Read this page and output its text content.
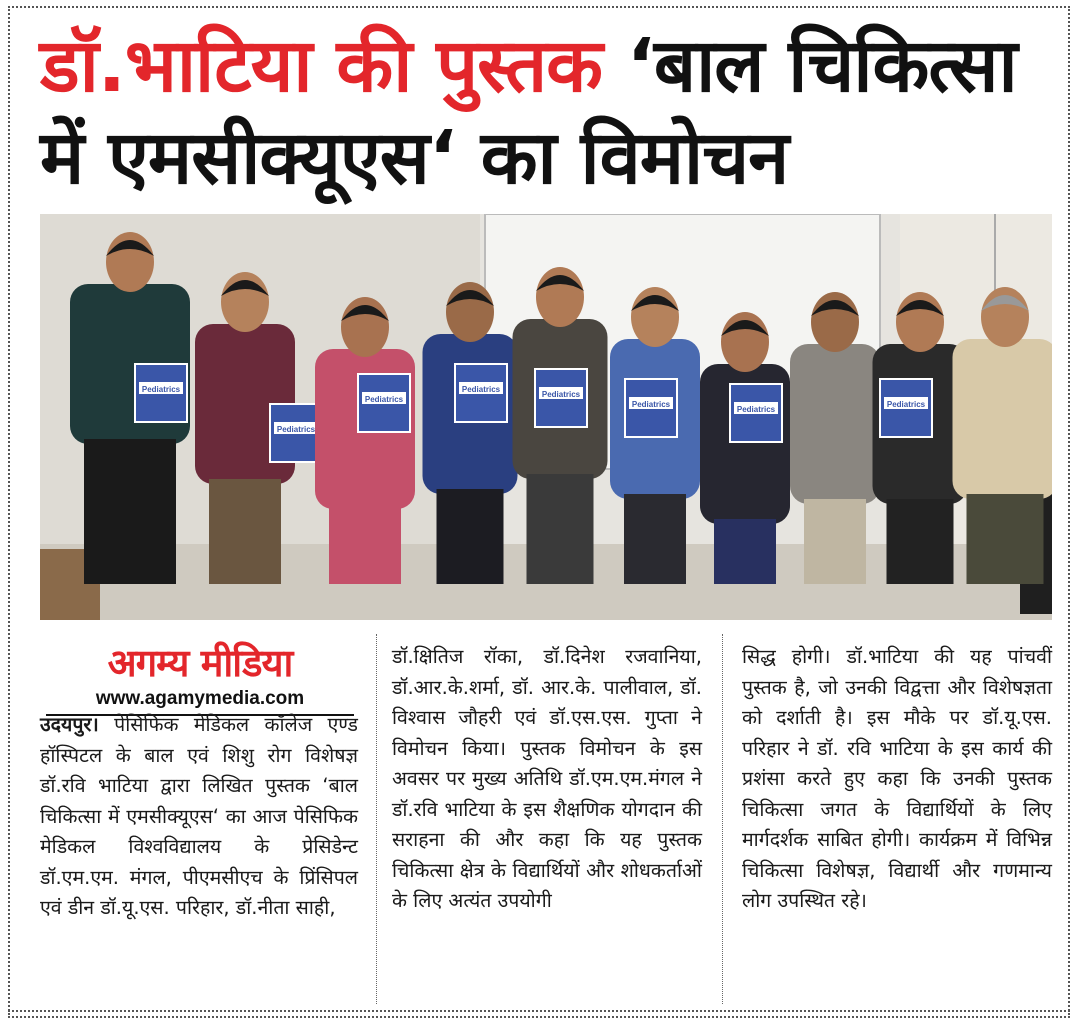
डॉ.भाटिया की पुस्तक ‘बाल चिकित्सा में एमसीक्यूएस‘ का विमोचन
Pediatrics
Pediatrics
Pediatrics
Pediatrics
Pediatrics
Pediatrics
Pediatrics
Pediatrics
अगम्य मीडिया
www.agamymedia.com
उदयपुर। पेसिफिक मेडिकल कॉलेज एण्ड हॉस्पिटल के बाल एवं शिशु रोग विशेषज्ञ डॉ.रवि भाटिया द्वारा लिखित पुस्तक ‘बाल चिकित्सा में एमसीक्यूएस‘ का आज पेसिफिक मेडिकल विश्वविद्यालय के प्रेसिडेन्ट डॉ.एम.एम. मंगल, पीएमसीएच के प्रिंसिपल एवं डीन डॉ.यू.एस. परिहार, डॉ.नीता साही,
डॉ.क्षितिज रॉका, डॉ.दिनेश रजवानिया, डॉ.आर.के.शर्मा, डॉ. आर.के. पालीवाल, डॉ. विश्वास जौहरी एवं डॉ.एस.एस. गुप्ता ने विमोचन किया। पुस्तक विमोचन के इस अवसर पर मुख्य अतिथि डॉ.एम.एम.मंगल ने डॉ.रवि भाटिया के इस शैक्षणिक योगदान की सराहना की और कहा कि यह पुस्तक चिकित्सा क्षेत्र के विद्यार्थियों और शोधकर्ताओं के लिए अत्यंत उपयोगी
सिद्ध होगी। डॉ.भाटिया की यह पांचवीं पुस्तक है, जो उनकी विद्वत्ता और विशेषज्ञता को दर्शाती है। इस मौके पर डॉ.यू.एस. परिहार ने डॉ. रवि भाटिया के इस कार्य की प्रशंसा करते हुए कहा कि उनकी पुस्तक चिकित्सा जगत के विद्यार्थियों के लिए मार्गदर्शक साबित होगी। कार्यक्रम में विभिन्न चिकित्सा विशेषज्ञ, विद्यार्थी और गणमान्य लोग उपस्थित रहे।
